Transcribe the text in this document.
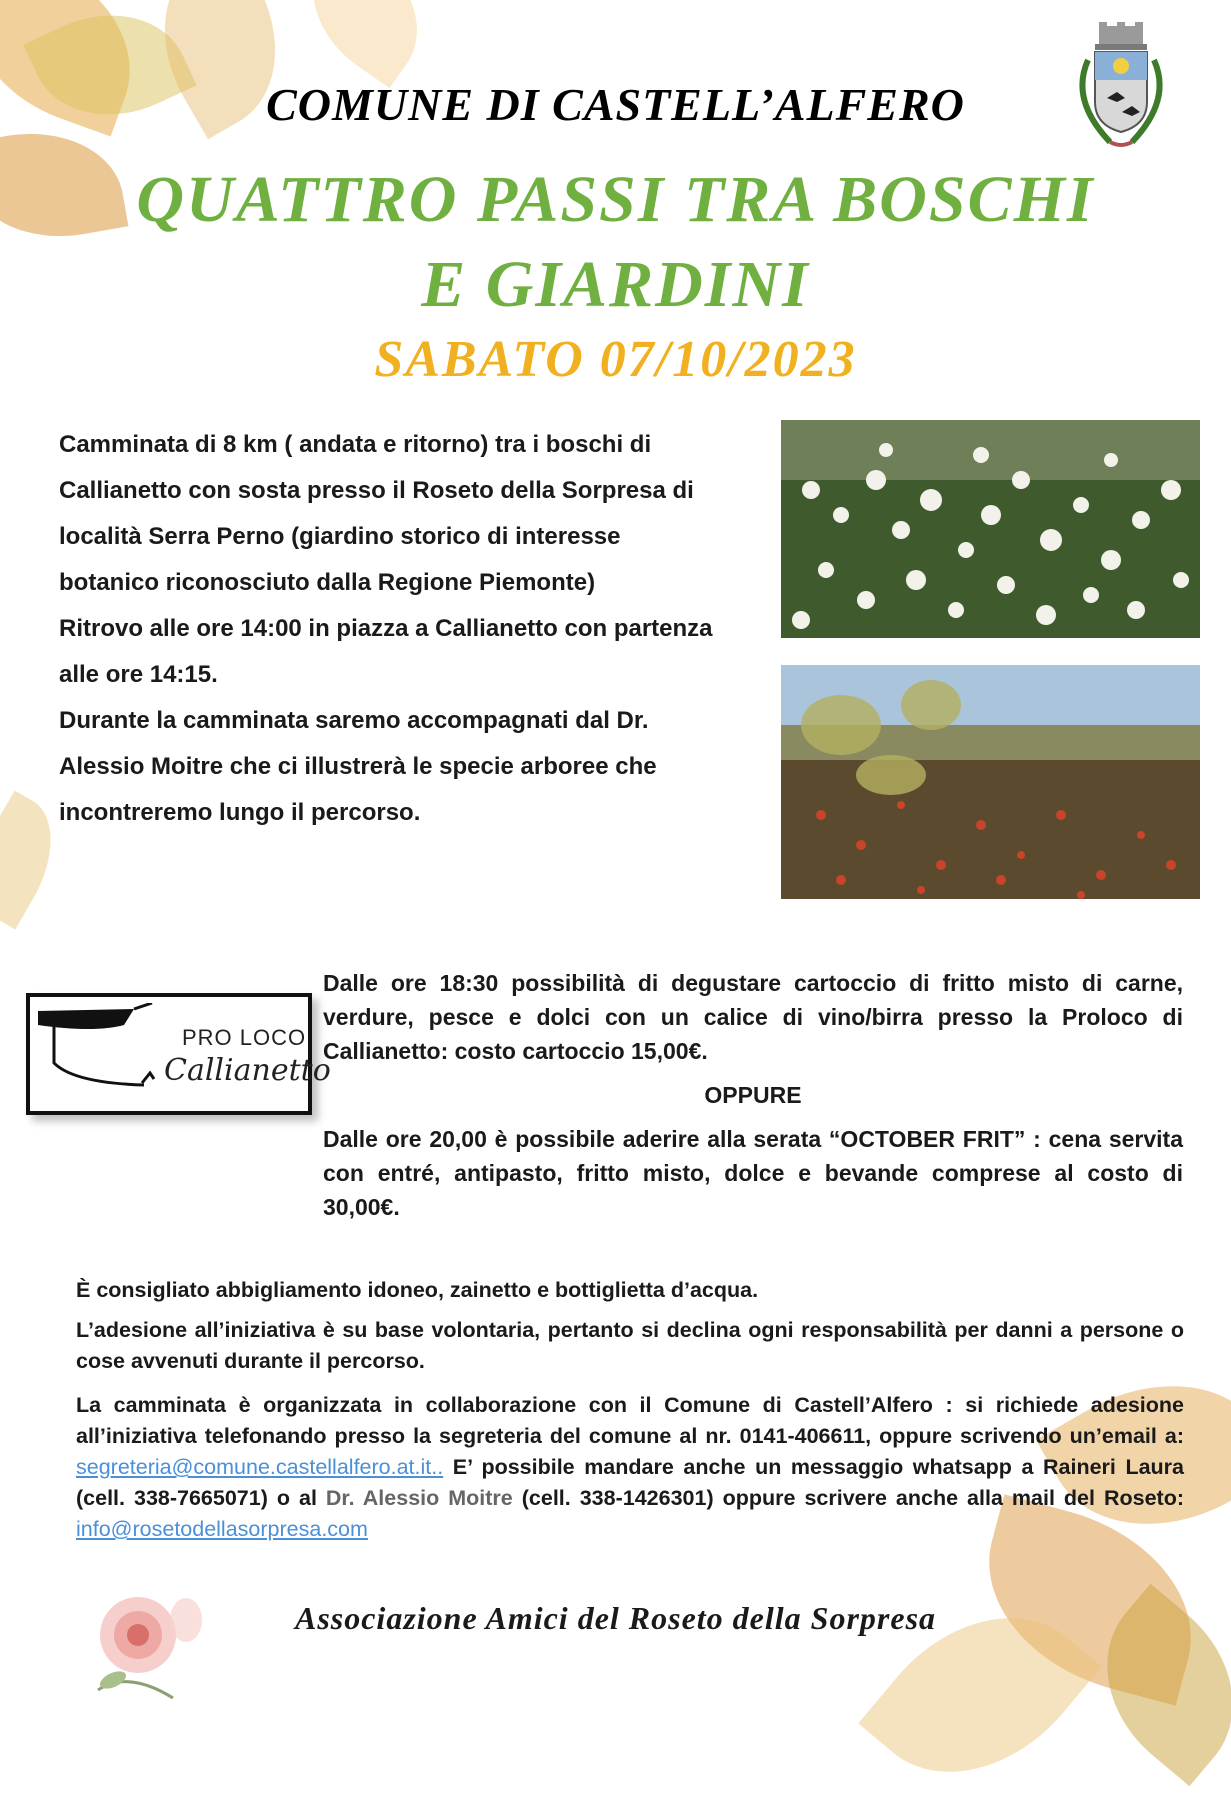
COMUNE DI CASTELL’ALFERO
QUATTRO PASSI TRA BOSCHI
E GIARDINI
SABATO 07/10/2023

Camminata di 8 km ( andata e ritorno) tra i boschi di Callianetto con sosta presso il Roseto della Sorpresa di località Serra Perno (giardino storico di interesse botanico riconosciuto dalla Regione Piemonte)

Ritrovo alle ore 14:00 in piazza a Callianetto con partenza alle ore 14:15.

Durante la camminata saremo accompagnati dal Dr. Alessio Moitre che ci illustrerà le specie arboree che incontreremo lungo il percorso.

PRO LOCO
Callianetto

Dalle ore 18:30 possibilità di degustare cartoccio di fritto misto di carne, verdure, pesce e dolci con un calice di vino/birra presso la Proloco di Callianetto: costo cartoccio 15,00€.

OPPURE

Dalle ore 20,00 è possibile aderire alla serata “OCTOBER FRIT” : cena servita con entré, antipasto, fritto misto, dolce e bevande comprese al costo di 30,00€.

È consigliato abbigliamento idoneo, zainetto e bottiglietta d’acqua.

L’adesione all’iniziativa è su base volontaria, pertanto si declina ogni responsabilità per danni a persone o cose avvenuti durante il percorso.

La camminata è organizzata in collaborazione con il Comune di Castell’Alfero : si richiede adesione all’iniziativa telefonando presso la segreteria del comune al nr. 0141-406611, oppure scrivendo un’email a: segreteria@comune.castellalfero.at.it.. E’ possibile mandare anche un messaggio whatsapp a Raineri Laura (cell. 338-7665071) o al Dr. Alessio Moitre (cell. 338-1426301) oppure scrivere anche alla mail del Roseto: info@rosetodellasorpresa.com

Associazione Amici del Roseto della Sorpresa
